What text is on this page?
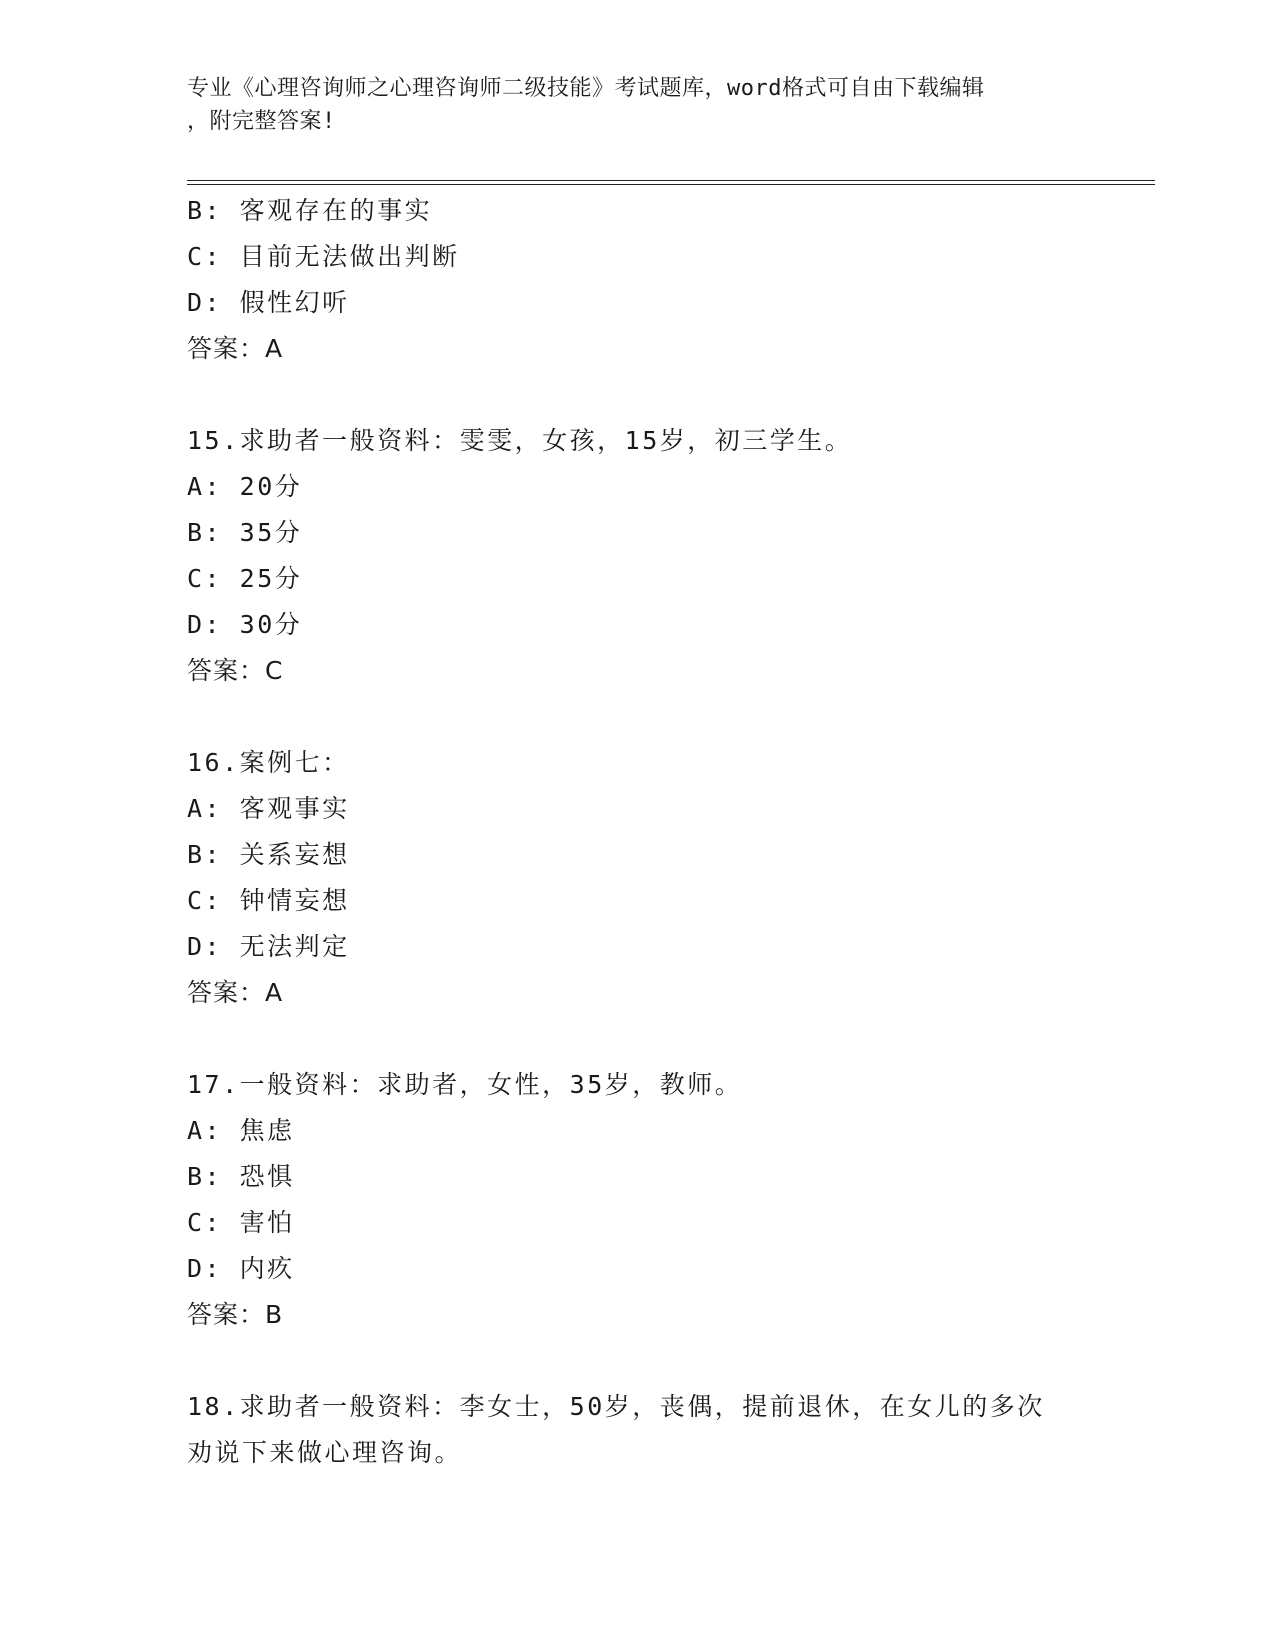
专业《心理咨询师之心理咨询师二级技能》考试题库，word格式可自由下载编辑
，附完整答案!
B: 客观存在的事实
C: 目前无法做出判断
D: 假性幻听
答案：A
15.求助者一般资料：雯雯，女孩，15岁，初三学生。
A: 20分
B: 35分
C: 25分
D: 30分
答案：C
16.案例七：
A: 客观事实
B: 关系妄想
C: 钟情妄想
D: 无法判定
答案：A
17.一般资料：求助者，女性，35岁，教师。
A: 焦虑
B: 恐惧
C: 害怕
D: 内疚
答案：B
18.求助者一般资料：李女士，50岁，丧偶，提前退休，在女儿的多次
劝说下来做心理咨询。
